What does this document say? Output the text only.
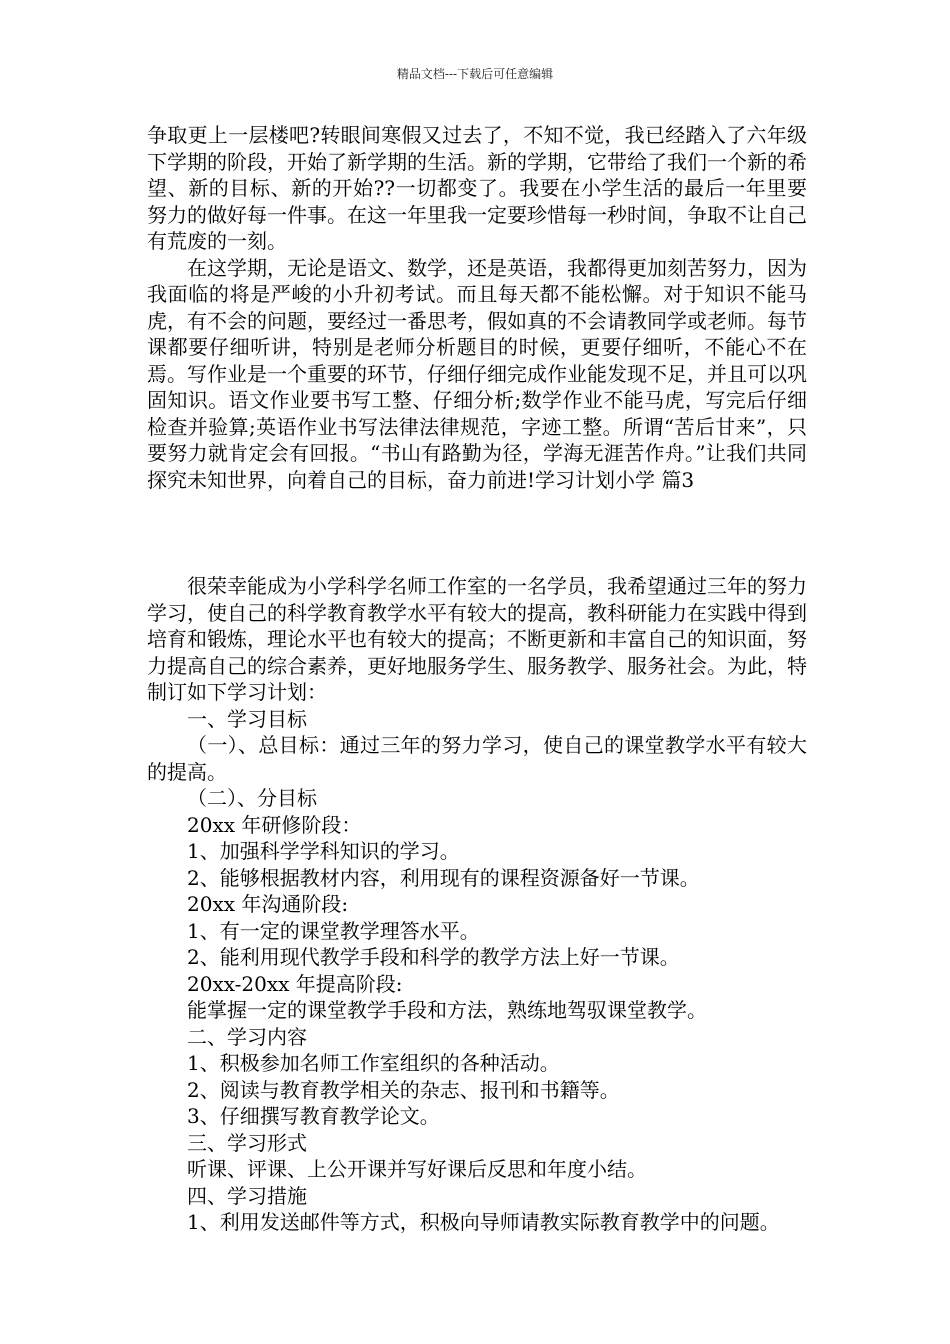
精品文档---下载后可任意编辑

争取更上一层楼吧?转眼间寒假又过去了，不知不觉，我已经踏入了六年级下学期的阶段，开始了新学期的生活。新的学期，它带给了我们一个新的希望、新的目标、新的开始??一切都变了。我要在小学生活的最后一年里要努力的做好每一件事。在这一年里我一定要珍惜每一秒时间，争取不让自己有荒废的一刻。

在这学期，无论是语文、数学，还是英语，我都得更加刻苦努力，因为我面临的将是严峻的小升初考试。而且每天都不能松懈。对于知识不能马虎，有不会的问题，要经过一番思考，假如真的不会请教同学或老师。每节课都要仔细听讲，特别是老师分析题目的时候，更要仔细听，不能心不在焉。写作业是一个重要的环节，仔细仔细完成作业能发现不足，并且可以巩固知识。语文作业要书写工整、仔细分析;数学作业不能马虎，写完后仔细检查并验算;英语作业书写法律法律规范，字迹工整。所谓“苦后甘来”，只要努力就肯定会有回报。“书山有路勤为径，学海无涯苦作舟。”让我们共同探究未知世界，向着自己的目标，奋力前进!学习计划小学 篇3

很荣幸能成为小学科学名师工作室的一名学员，我希望通过三年的努力学习，使自己的科学教育教学水平有较大的提高，教科研能力在实践中得到培育和锻炼，理论水平也有较大的提高；不断更新和丰富自己的知识面，努力提高自己的综合素养，更好地服务学生、服务教学、服务社会。为此，特制订如下学习计划：

一、学习目标

（一）、总目标：通过三年的努力学习，使自己的课堂教学水平有较大的提高。

（二）、分目标

20xx 年研修阶段：

1、加强科学学科知识的学习。

2、能够根据教材内容，利用现有的课程资源备好一节课。

20xx 年沟通阶段:

1、有一定的课堂教学理答水平。

2、能利用现代教学手段和科学的教学方法上好一节课。

20xx-20xx 年提高阶段:

能掌握一定的课堂教学手段和方法，熟练地驾驭课堂教学。

二、学习内容

1、积极参加名师工作室组织的各种活动。

2、阅读与教育教学相关的杂志、报刊和书籍等。

3、仔细撰写教育教学论文。

三、学习形式

听课、评课、上公开课并写好课后反思和年度小结。

四、学习措施

1、利用发送邮件等方式，积极向导师请教实际教育教学中的问题。
